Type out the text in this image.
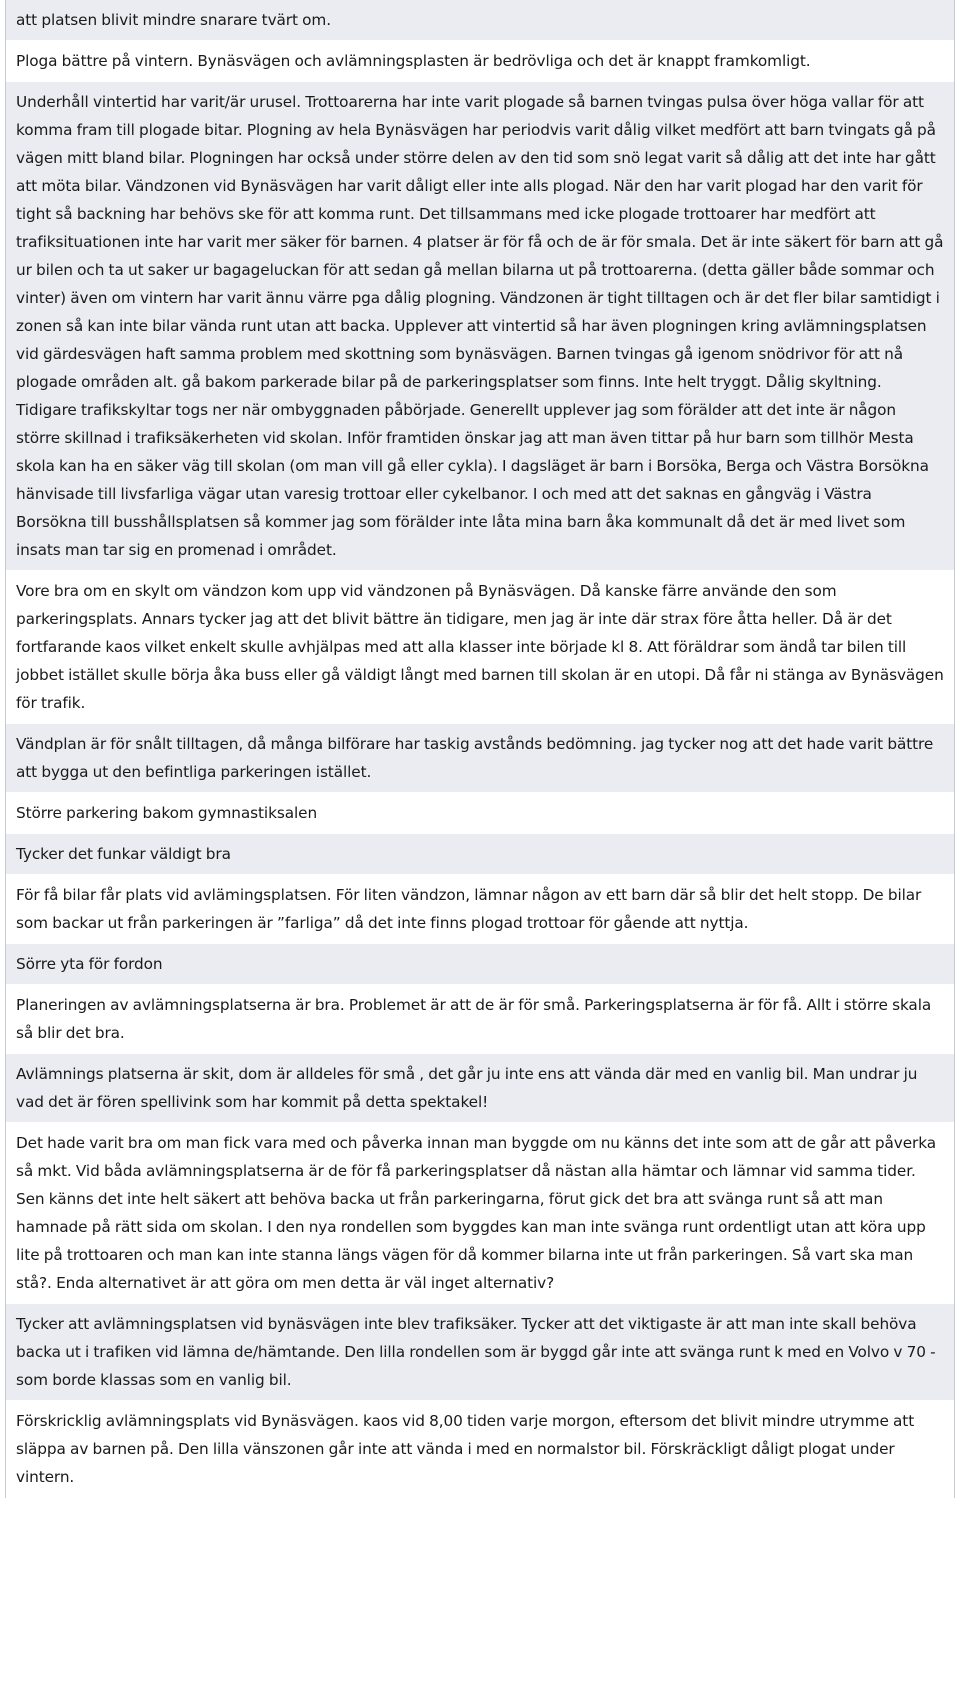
att platsen blivit mindre snarare tvärt om.
Ploga bättre på vintern. Bynäsvägen och avlämningsplasten är bedrövliga och det är knappt framkomligt.
Underhåll vintertid har varit/är urusel. Trottoarerna har inte varit plogade så barnen tvingas pulsa över höga vallar för att komma fram till plogade bitar. Plogning av hela Bynäsvägen har periodvis varit dålig vilket medfört att barn tvingats gå på vägen mitt bland bilar. Plogningen har också under större delen av den tid som snö legat varit så dålig att det inte har gått att möta bilar. Vändzonen vid Bynäsvägen har varit dåligt eller inte alls plogad. När den har varit plogad har den varit för tight så backning har behövs ske för att komma runt. Det tillsammans med icke plogade trottoarer har medfört att trafiksituationen inte har varit mer säker för barnen. 4 platser är för få och de är för smala. Det är inte säkert för barn att gå ur bilen och ta ut saker ur bagageluckan för att sedan gå mellan bilarna ut på trottoarerna. (detta gäller både sommar och vinter) även om vintern har varit ännu värre pga dålig plogning. Vändzonen är tight tilltagen och är det fler bilar samtidigt i zonen så kan inte bilar vända runt utan att backa. Upplever att vintertid så har även plogningen kring avlämningsplatsen vid gärdesvägen haft samma problem med skottning som bynäsvägen. Barnen tvingas gå igenom snödrivor för att nå plogade områden alt. gå bakom parkerade bilar på de parkeringsplatser som finns. Inte helt tryggt. Dålig skyltning. Tidigare trafikskyltar togs ner när ombyggnaden påbörjade. Generellt upplever jag som förälder att det inte är någon större skillnad i trafiksäkerheten vid skolan. Inför framtiden önskar jag att man även tittar på hur barn som tillhör Mesta skola kan ha en säker väg till skolan (om man vill gå eller cykla). I dagsläget är barn i Borsöka, Berga och Västra Borsökna hänvisade till livsfarliga vägar utan varesig trottoar eller cykelbanor. I och med att det saknas en gångväg i Västra Borsökna till busshållsplatsen så kommer jag som förälder inte låta mina barn åka kommunalt då det är med livet som insats man tar sig en promenad i området.
Vore bra om en skylt om vändzon kom upp vid vändzonen på Bynäsvägen. Då kanske färre använde den som parkeringsplats. Annars tycker jag att det blivit bättre än tidigare, men jag är inte där strax före åtta heller. Då är det fortfarande kaos vilket enkelt skulle avhjälpas med att alla klasser inte började kl 8. Att föräldrar som ändå tar bilen till jobbet istället skulle börja åka buss eller gå väldigt långt med barnen till skolan är en utopi. Då får ni stänga av Bynäsvägen för trafik.
Vändplan är för snålt tilltagen, då många bilförare har taskig avstånds bedömning. jag tycker nog att det hade varit bättre att bygga ut den befintliga parkeringen istället.
Större parkering bakom gymnastiksalen
Tycker det funkar väldigt bra
För få bilar får plats vid avlämingsplatsen. För liten vändzon, lämnar någon av ett barn där så blir det helt stopp. De bilar som backar ut från parkeringen är ”farliga” då det inte finns plogad trottoar för gående att nyttja.
Sörre yta för fordon
Planeringen av avlämningsplatserna är bra. Problemet är att de är för små. Parkeringsplatserna är för få. Allt i större skala så blir det bra.
Avlämnings platserna är skit, dom är alldeles för små , det går ju inte ens att vända där med en vanlig bil. Man undrar ju vad det är fören spellivink som har kommit på detta spektakel!
Det hade varit bra om man fick vara med och påverka innan man byggde om nu känns det inte som att de går att påverka så mkt. Vid båda avlämningsplatserna är de för få parkeringsplatser då nästan alla hämtar och lämnar vid samma tider. Sen känns det inte helt säkert att behöva backa ut från parkeringarna, förut gick det bra att svänga runt så att man hamnade på rätt sida om skolan. I den nya rondellen som byggdes kan man inte svänga runt ordentligt utan att köra upp lite på trottoaren och man kan inte stanna längs vägen för då kommer bilarna inte ut från parkeringen. Så vart ska man stå?. Enda alternativet är att göra om men detta är väl inget alternativ?
Tycker att avlämningsplatsen vid bynäsvägen inte blev trafiksäker. Tycker att det viktigaste är att man inte skall behöva backa ut i trafiken vid lämna de/hämtande. Den lilla rondellen som är byggd går inte att svänga runt k med en Volvo v 70 - som borde klassas som en vanlig bil.
Förskricklig avlämningsplats vid Bynäsvägen. kaos vid 8,00 tiden varje morgon, eftersom det blivit mindre utrymme att släppa av barnen på. Den lilla vänszonen går inte att vända i med en normalstor bil. Förskräckligt dåligt plogat under vintern.
